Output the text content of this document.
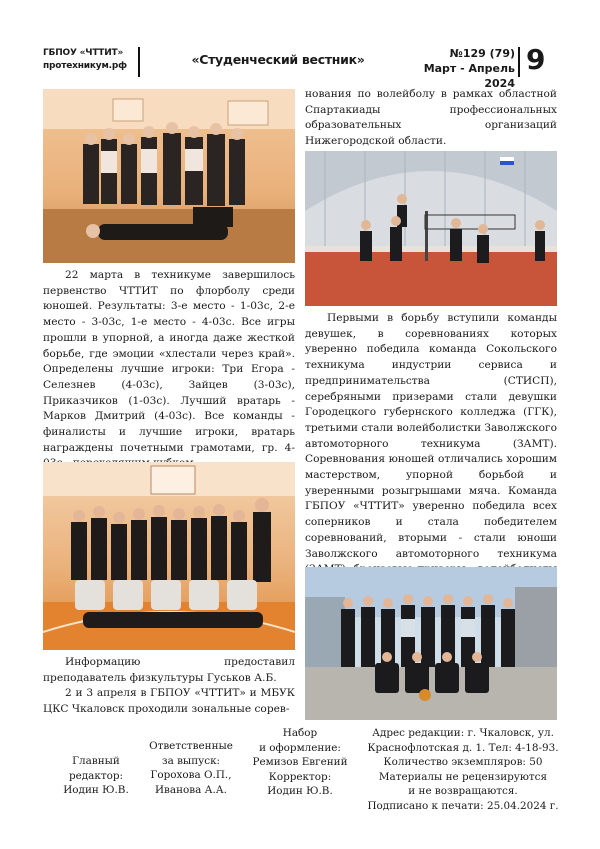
ГБПОУ «ЧТТИТ»
протехникум.рф	«Студенческий вестник»	№129 (79)
Март - Апрель 2024
9

22 марта в техникуме завершилось первенство ЧТТИТ по флорболу среди юношей. Результаты: 3-е место - 1-03с, 2-е место - 3-03с, 1-е место - 4-03с. Все игры прошли в упорной, а иногда даже жесткой борьбе, где эмоции «хлестали через край». Определены лучшие игроки: Три Егора - Селезнев (4-03с), Зайцев (3-03с), Приказчиков (1-03с). Лучший вратарь - Марков Дмитрий (4-03с). Все команды - финалисты и лучшие игроки, вратарь награждены почетными грамотами, гр. 4-

Информацию предоставил преподаватель физкультуры Гуськов А.Б.

2 и 3 апреля в ГБПОУ «ЧТТИТ» и МБУК ЦКС Чкаловск проходили зональные сорев-

нования по волейболу в рамках областной Спартакиады профессиональных образовательных организаций Нижегородской области.

Первыми в борьбу вступили команды девушек, в соревнованиях которых уверенно победила команда Сокольского техникума индустрии сервиса и предпринимательства (СТИСП), серебряными призерами стали девушки Городецкого губернского колледжа (ГГК), третьими стали волейболистки Заволжского автомоторного техникума (ЗАМТ). Соревнования юношей отличались хорошим мастерством, упорной борьбой и уверенными розыгрышами мяча. Команда ГБПОУ «ЧТТИТ» уверенно победила всех соперников и стала победителем соревнований, вторыми - стали юноши Заволжского автомоторного техникума

Главный
редактор:
Иодин Ю.В.
Ответственные
за выпуск:
Горохова О.П.,
Иванова А.А.
Набор
и оформление:
Ремизов Евгений
Корректор:
Иодин Ю.В.
Адрес редакции: г. Чкаловск, ул.
Краснофлотская д. 1. Тел: 4-18-93.
Количество экземпляров: 50
Материалы не рецензируются
и не возвращаются.
Подписано к печати: 25.04.2024 г.
